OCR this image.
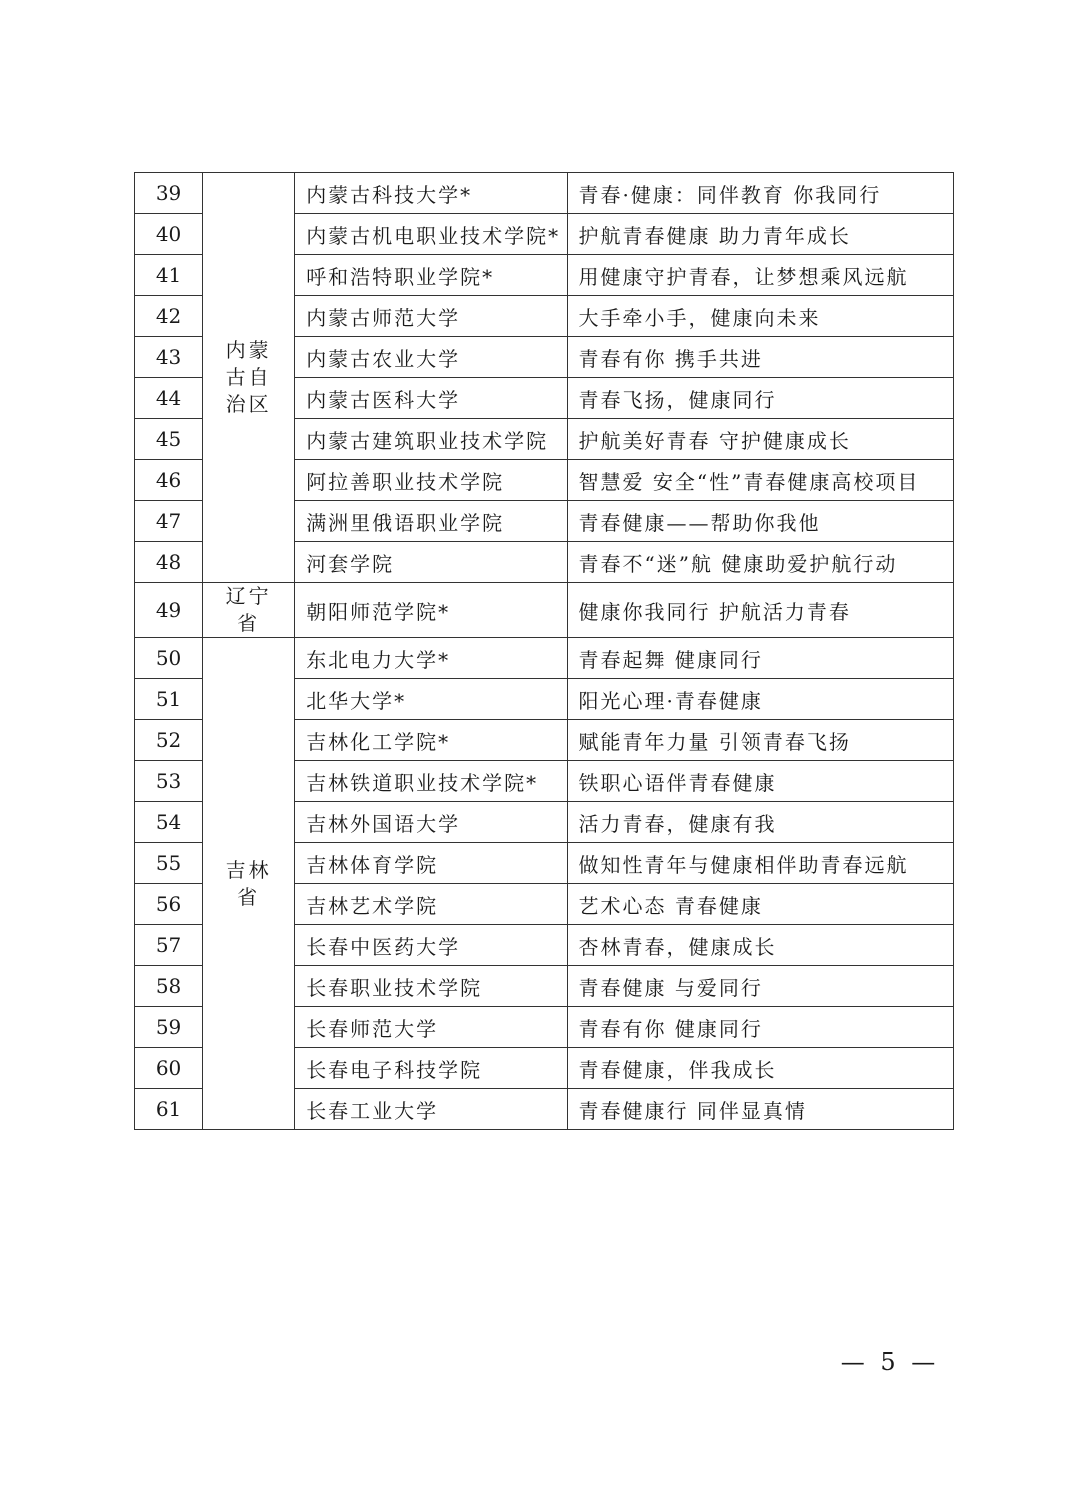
39	内蒙古自治区	内蒙古科技大学*	青春·健康：同伴教育 你我同行
40		内蒙古机电职业技术学院*	护航青春健康 助力青年成长
41		呼和浩特职业学院*	用健康守护青春，让梦想乘风远航
42		内蒙古师范大学	大手牵小手，健康向未来
43		内蒙古农业大学	青春有你 携手共进
44		内蒙古医科大学	青春飞扬，健康同行
45		内蒙古建筑职业技术学院	护航美好青春 守护健康成长
46		阿拉善职业技术学院	智慧爱 安全“性”青春健康高校项目
47		满洲里俄语职业学院	青春健康——帮助你我他
48		河套学院	青春不“迷”航 健康助爱护航行动
49	辽宁省	朝阳师范学院*	健康你我同行 护航活力青春
50	吉林省	东北电力大学*	青春起舞 健康同行
51		北华大学*	阳光心理·青春健康
52		吉林化工学院*	赋能青年力量 引领青春飞扬
53		吉林铁道职业技术学院*	铁职心语伴青春健康
54		吉林外国语大学	活力青春，健康有我
55		吉林体育学院	做知性青年与健康相伴助青春远航
56		吉林艺术学院	艺术心态 青春健康
57		长春中医药大学	杏林青春，健康成长
58		长春职业技术学院	青春健康 与爱同行
59		长春师范大学	青春有你 健康同行
60		长春电子科技学院	青春健康，伴我成长
61		长春工业大学	青春健康行 同伴显真情
— 5 —
